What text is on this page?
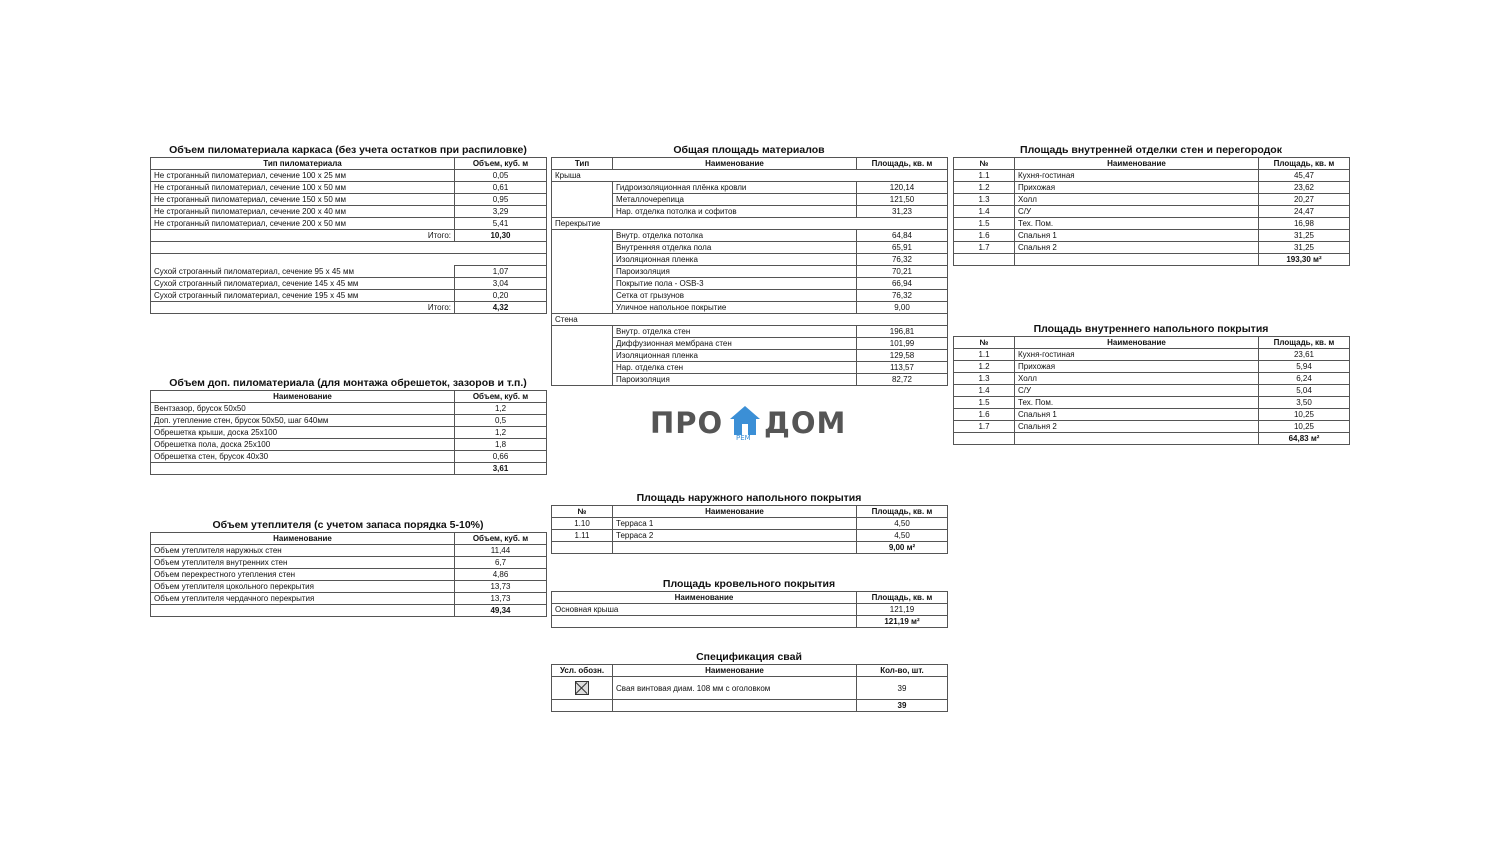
Объем пиломатериала каркаса (без учета остатков при распиловке)
Тип пиломатериала	Объем, куб. м
Не строганный пиломатериал, сечение 100 х 25 мм	0,05
Не строганный пиломатериал, сечение 100 х 50 мм	0,61
Не строганный пиломатериал, сечение 150 х 50 мм	0,95
Не строганный пиломатериал, сечение 200 х 40 мм	3,29
Не строганный пиломатериал, сечение 200 х 50 мм	5,41
Итого:	10,30

Сухой строганный пиломатериал, сечение 95 х 45 мм	1,07
Сухой строганный пиломатериал, сечение 145 х 45 мм	3,04
Сухой строганный пиломатериал, сечение 195 х 45 мм	0,20
Итого:	4,32
Объем доп. пиломатериала (для монтажа обрешеток, зазоров и т.п.)
Наименование	Объем, куб. м
Вентзазор, брусок 50х50	1,2
Доп. утепление стен, брусок 50х50, шаг 640мм	0,5
Обрешетка крыши, доска 25х100	1,2
Обрешетка пола, доска 25х100	1,8
Обрешетка стен, брусок 40х30	0,66
	3,61
Объем утеплителя (с учетом запаса порядка 5-10%)
Наименование	Объем, куб. м
Объем утеплителя наружных стен	11,44
Объем утеплителя внутренних стен	6,7
Объем перекрестного утепления стен	4,86
Объем утеплителя цокольного перекрытия	13,73
Объем утеплителя чердачного перекрытия	13,73
	49,34
Общая площадь материалов
Тип	Наименование	Площадь, кв. м
Крыша		
	Гидроизоляционная плёнка кровли	120,14
	Металлочерепица	121,50
	Нар. отделка потолка и софитов	31,23
Перекрытие		
	Внутр. отделка потолка	64,84
	Внутренняя отделка пола	65,91
	Изоляционная пленка	76,32
	Пароизоляция	70,21
	Покрытие пола - OSB-3	66,94
	Сетка от грызунов	76,32
	Уличное напольное покрытие	9,00
Стена		
	Внутр. отделка стен	196,81
	Диффузионная мембрана стен	101,99
	Изоляционная пленка	129,58
	Нар. отделка стен	113,57
	Пароизоляция	82,72
ПРО РЕМ ДОМ
Площадь наружного напольного покрытия
№	Наименование	Площадь, кв. м
1.10	Терраса 1	4,50
1.11	Терраса 2	4,50
		9,00 м²
Площадь кровельного покрытия
Наименование	Площадь, кв. м
Основная крыша	121,19
	121,19 м²
Спецификация свай
Усл. обозн.	Наименование	Кол-во, шт.
	Свая винтовая диам. 108 мм с оголовком	39
		39
Площадь внутренней отделки стен и перегородок
№	Наименование	Площадь, кв. м
1.1	Кухня-гостиная	45,47
1.2	Прихожая	23,62
1.3	Холл	20,27
1.4	С/У	24,47
1.5	Тех. Пом.	16,98
1.6	Спальня 1	31,25
1.7	Спальня 2	31,25
		193,30 м²
Площадь внутреннего напольного покрытия
№	Наименование	Площадь, кв. м
1.1	Кухня-гостиная	23,61
1.2	Прихожая	5,94
1.3	Холл	6,24
1.4	С/У	5,04
1.5	Тех. Пом.	3,50
1.6	Спальня 1	10,25
1.7	Спальня 2	10,25
		64,83 м²
